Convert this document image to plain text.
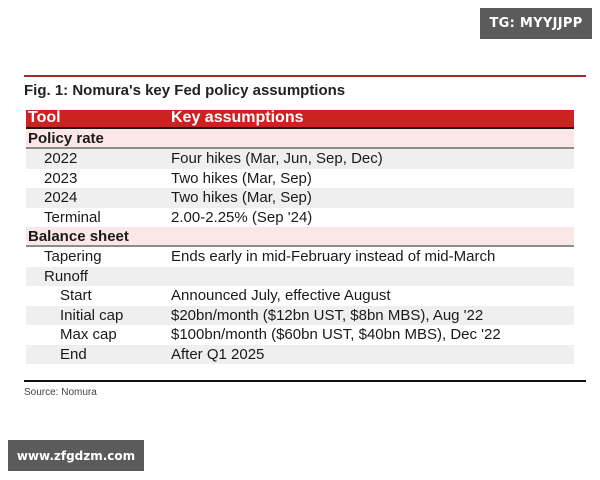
TG: MYYJJPP
Fig. 1: Nomura's key Fed policy assumptions
Tool	Key assumptions
Policy rate
2022	Four hikes (Mar, Jun, Sep, Dec)
2023	Two hikes (Mar, Sep)
2024	Two hikes (Mar, Sep)
Terminal	2.00-2.25% (Sep '24)
Balance sheet
Tapering	Ends early in mid-February instead of mid-March
Runoff
Start	Announced July, effective August
Initial cap	$20bn/month ($12bn UST, $8bn MBS), Aug '22
Max cap	$100bn/month ($60bn UST, $40bn MBS), Dec '22
End	After Q1 2025
Source: Nomura
www.zfgdzm.com
